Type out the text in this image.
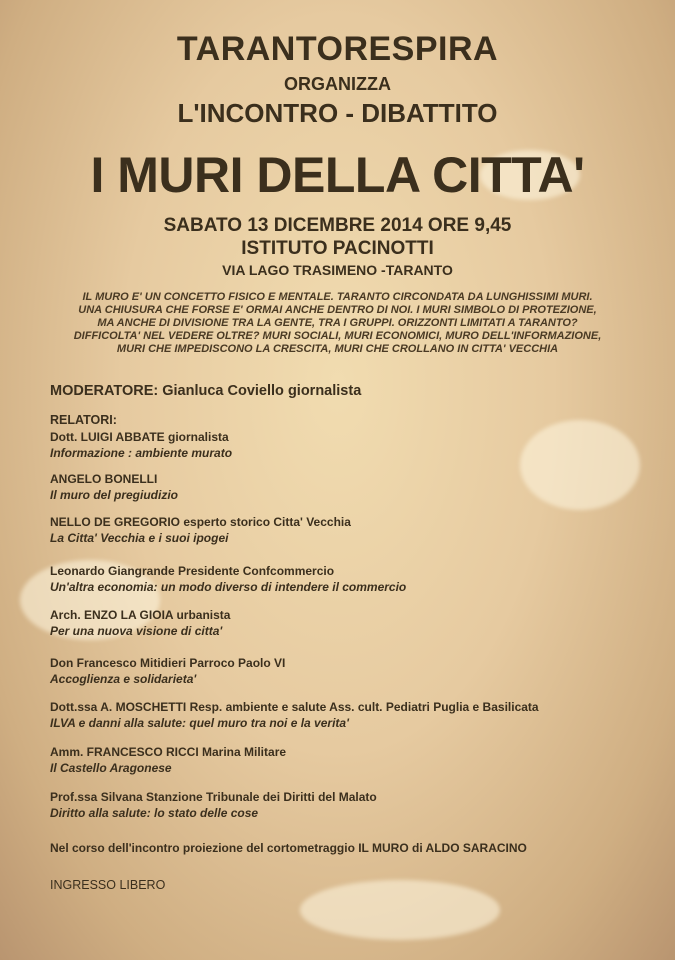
TARANTORESPIRA
ORGANIZZA
L'INCONTRO - DIBATTITO
I MURI DELLA CITTA'
SABATO 13 DICEMBRE 2014 ORE 9,45
ISTITUTO PACINOTTI
VIA LAGO TRASIMENO -TARANTO
IL MURO E' UN CONCETTO FISICO E MENTALE. TARANTO CIRCONDATA DA LUNGHISSIMI MURI.
UNA CHIUSURA CHE FORSE E' ORMAI ANCHE DENTRO DI NOI. I MURI SIMBOLO DI PROTEZIONE,
MA ANCHE DI DIVISIONE TRA LA GENTE, TRA I GRUPPI. ORIZZONTI LIMITATI A TARANTO?
DIFFICOLTA' NEL VEDERE OLTRE? MURI SOCIALI, MURI ECONOMICI, MURO DELL'INFORMAZIONE,
MURI CHE IMPEDISCONO LA CRESCITA, MURI CHE CROLLANO IN CITTA' VECCHIA
MODERATORE: Gianluca Coviello giornalista
RELATORI:
Dott. LUIGI ABBATE giornalista
Informazione : ambiente murato
ANGELO BONELLI
Il muro del pregiudizio
NELLO DE GREGORIO esperto storico Citta' Vecchia
La Citta' Vecchia e i suoi ipogei
Leonardo Giangrande Presidente Confcommercio
Un'altra economia: un modo diverso di intendere il commercio
Arch. ENZO LA GIOIA urbanista
Per una nuova visione di citta'
Don Francesco Mitidieri Parroco Paolo VI
Accoglienza e solidarieta'
Dott.ssa A. MOSCHETTI Resp. ambiente e salute Ass. cult. Pediatri Puglia e Basilicata
ILVA e danni alla salute: quel muro tra noi e la verita'
Amm. FRANCESCO RICCI Marina Militare
Il Castello Aragonese
Prof.ssa Silvana Stanzione Tribunale dei Diritti del Malato
Diritto alla salute: lo stato delle cose
Nel corso dell'incontro proiezione del cortometraggio IL MURO di ALDO SARACINO
INGRESSO LIBERO
